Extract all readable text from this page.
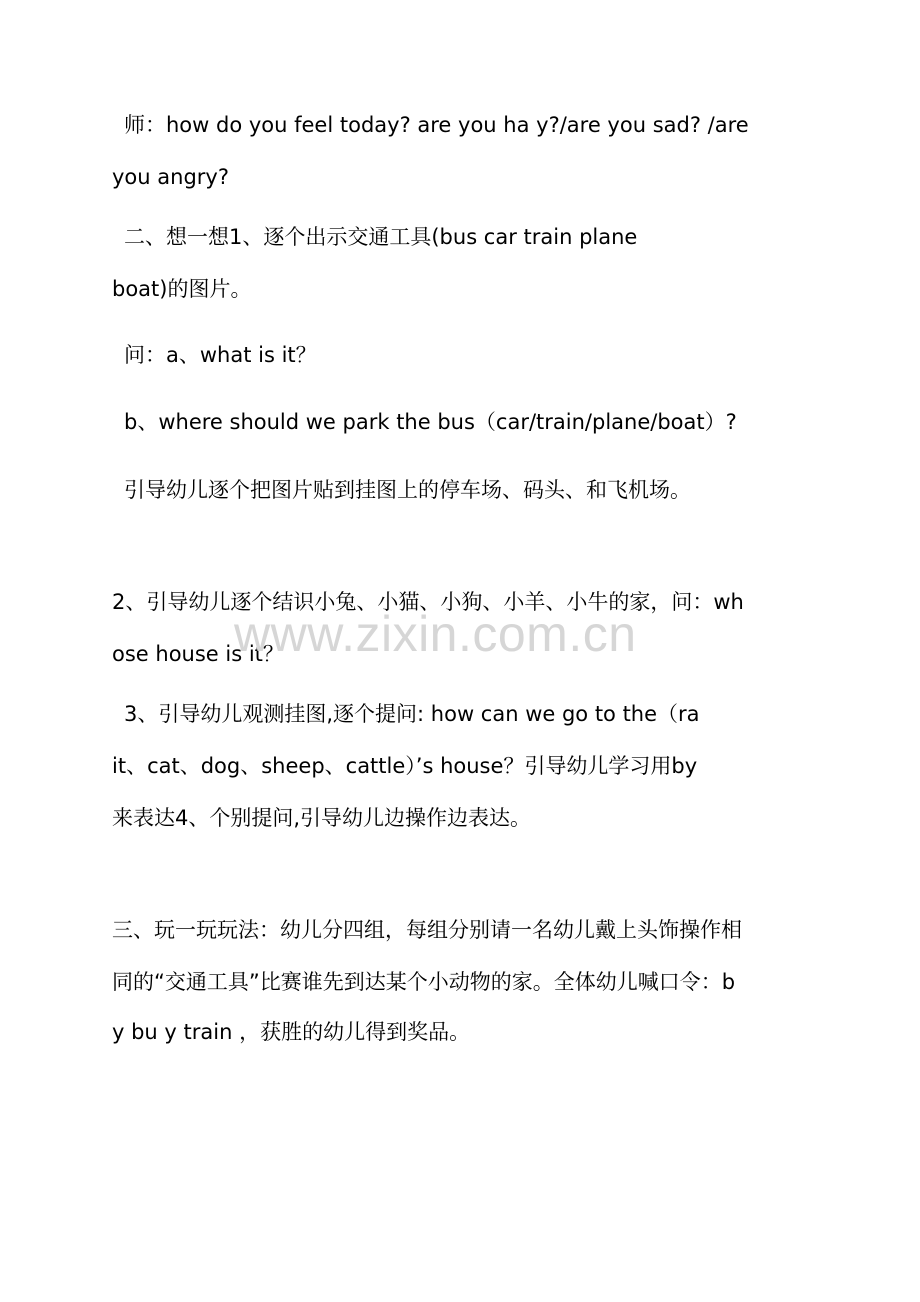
师：how do you feel today? are you ha y?/are you sad? /are
you angry?
二、想一想1、逐个出示交通工具(bus car train plane
boat)的图片。
问：a、what is it？
b、where should we park the bus（car/train/plane/boat）?
引导幼儿逐个把图片贴到挂图上的停车场、码头、和飞机场。
2、引导幼儿逐个结识小兔、小猫、小狗、小羊、小牛的家，问：wh
ose house is it？
3、引导幼儿观测挂图,逐个提问: how can we go to the（ra
it、cat、dog、sheep、cattle）’s house？引导幼儿学习用by
来表达4、个别提问,引导幼儿边操作边表达。
三、玩一玩玩法：幼儿分四组，每组分别请一名幼儿戴上头饰操作相
同的“交通工具”比赛谁先到达某个小动物的家。全体幼儿喊口令：b
y bu y train ，获胜的幼儿得到奖品。
www.zixin.com.cn
